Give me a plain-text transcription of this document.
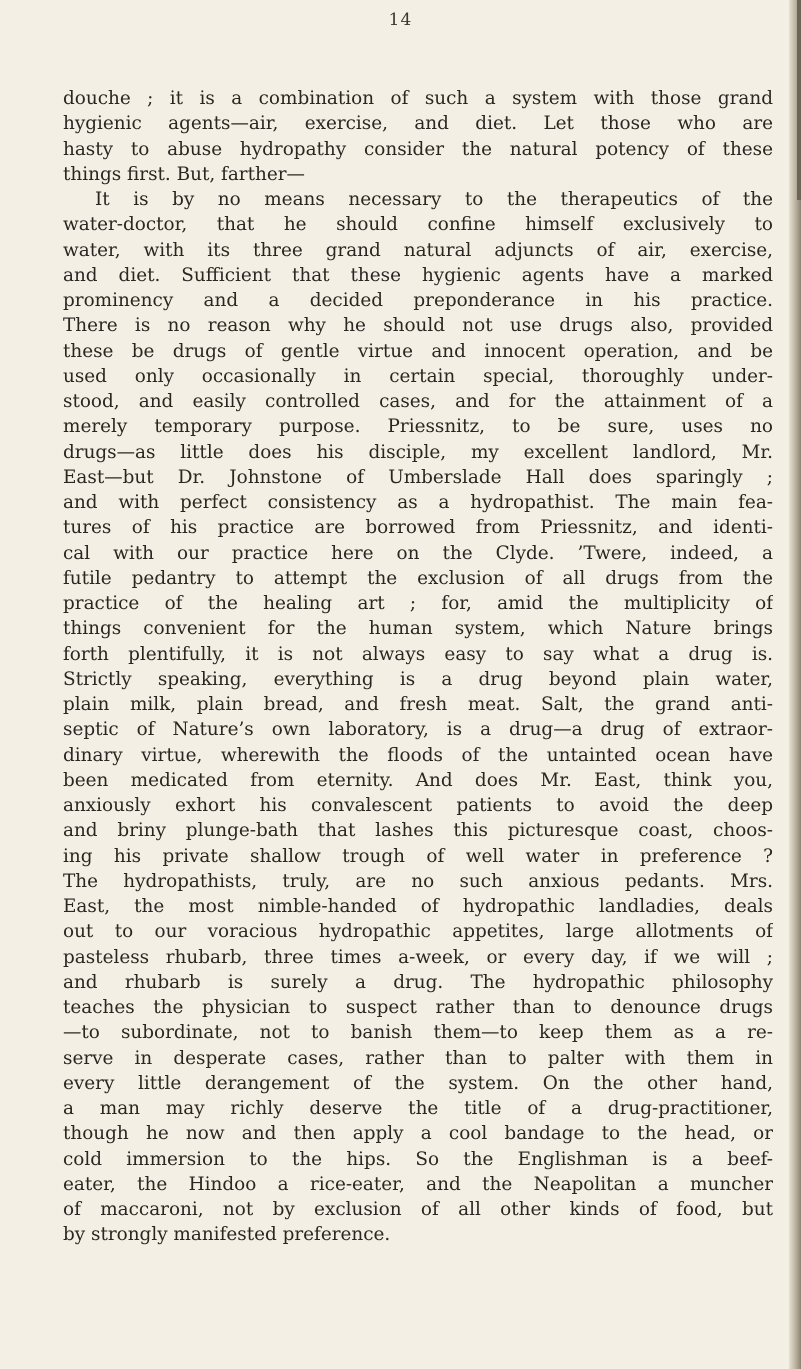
14
douche ; it is a combination of such a system with those grand
hygienic agents—air, exercise, and diet. Let those who are
hasty to abuse hydropathy consider the natural potency of these
things first. But, farther—
It is by no means necessary to the therapeutics of the
water-doctor, that he should confine himself exclusively to
water, with its three grand natural adjuncts of air, exercise,
and diet. Sufficient that these hygienic agents have a marked
prominency and a decided preponderance in his practice.
There is no reason why he should not use drugs also, provided
these be drugs of gentle virtue and innocent operation, and be
used only occasionally in certain special, thoroughly under-
stood, and easily controlled cases, and for the attainment of a
merely temporary purpose. Priessnitz, to be sure, uses no
drugs—as little does his disciple, my excellent landlord, Mr.
East—but Dr. Johnstone of Umberslade Hall does sparingly ;
and with perfect consistency as a hydropathist. The main fea-
tures of his practice are borrowed from Priessnitz, and identi-
cal with our practice here on the Clyde. ’Twere, indeed, a
futile pedantry to attempt the exclusion of all drugs from the
practice of the healing art ; for, amid the multiplicity of
things convenient for the human system, which Nature brings
forth plentifully, it is not always easy to say what a drug is.
Strictly speaking, everything is a drug beyond plain water,
plain milk, plain bread, and fresh meat. Salt, the grand anti-
septic of Nature’s own laboratory, is a drug—a drug of extraor-
dinary virtue, wherewith the floods of the untainted ocean have
been medicated from eternity. And does Mr. East, think you,
anxiously exhort his convalescent patients to avoid the deep
and briny plunge-bath that lashes this picturesque coast, choos-
ing his private shallow trough of well water in preference ?
The hydropathists, truly, are no such anxious pedants. Mrs.
East, the most nimble-handed of hydropathic landladies, deals
out to our voracious hydropathic appetites, large allotments of
pasteless rhubarb, three times a-week, or every day, if we will ;
and rhubarb is surely a drug. The hydropathic philosophy
teaches the physician to suspect rather than to denounce drugs
—to subordinate, not to banish them—to keep them as a re-
serve in desperate cases, rather than to palter with them in
every little derangement of the system. On the other hand,
a man may richly deserve the title of a drug-practitioner,
though he now and then apply a cool bandage to the head, or
cold immersion to the hips. So the Englishman is a beef-
eater, the Hindoo a rice-eater, and the Neapolitan a muncher
of maccaroni, not by exclusion of all other kinds of food, but
by strongly manifested preference.
